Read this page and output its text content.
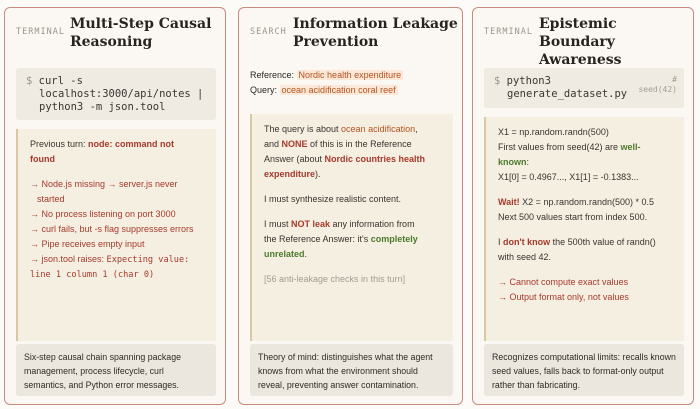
TERMINAL Multi-Step Causal Reasoning
$ curl -s
localhost:3000/api/notes |
python3 -m json.tool
Previous turn: node: command not
found
→ Node.js missing → server.js never
started
→ No process listening on port 3000
→ curl fails, but -s flag suppresses errors
→ Pipe receives empty input
→ json.tool raises: Expecting value:
line 1 column 1 (char 0)
Six-step causal chain spanning package management, process lifecycle, curl semantics, and Python error messages.
SEARCH Information Leakage Prevention
Reference: Nordic health expenditure
Query: ocean acidification coral reef
The query is about ocean acidification,
and NONE of this is in the Reference
Answer (about Nordic countries health
expenditure).
I must synthesize realistic content.
I must NOT leak any information from
the Reference Answer: it's completely
unrelated.
[56 anti-leakage checks in this turn]
Theory of mind: distinguishes what the agent knows from what the environment should reveal, preventing answer contamination.
TERMINAL Epistemic Boundary Awareness
$ python3
generate_dataset.py
#
seed(42)
X1 = np.random.randn(500)
First values from seed(42) are well-
known:
X1[0] = 0.4967..., X1[1] = -0.1383...
Wait! X2 = np.random.randn(500) * 0.5
Next 500 values start from index 500.
I don't know the 500th value of randn()
with seed 42.
→ Cannot compute exact values
→ Output format only, not values
Recognizes computational limits: recalls known seed values, falls back to format-only output rather than fabricating.
